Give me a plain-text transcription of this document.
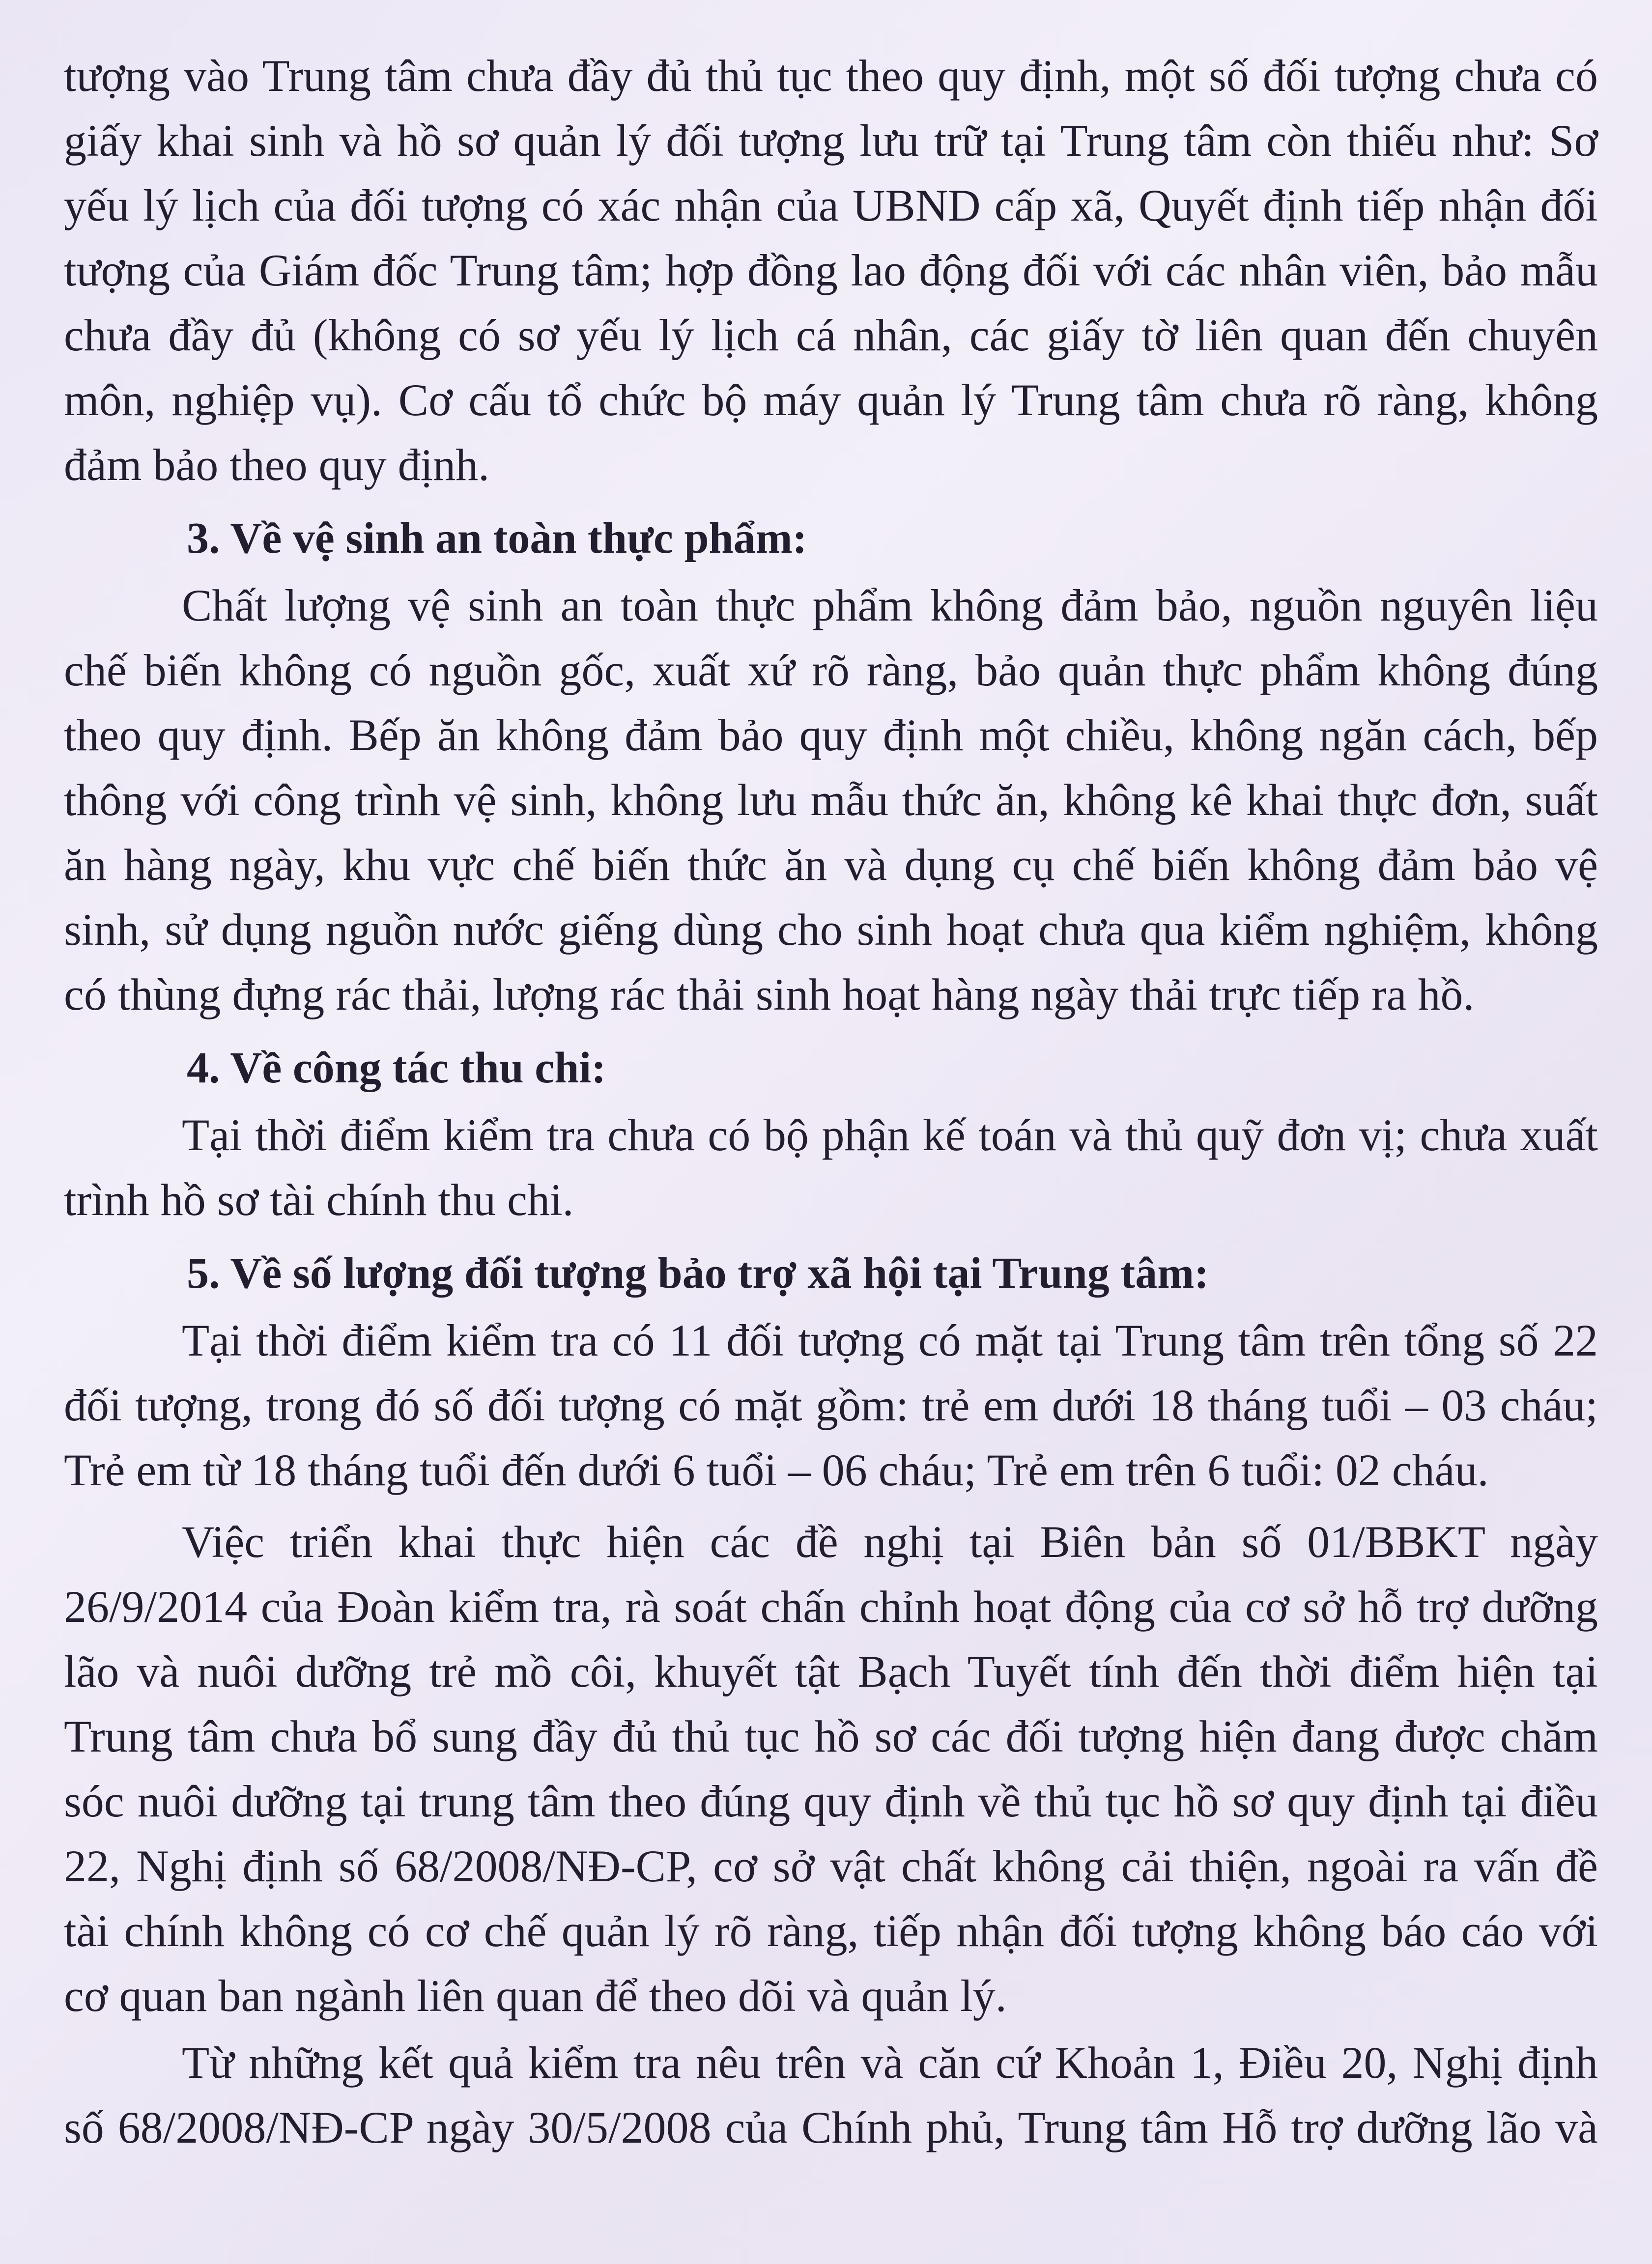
tượng vào Trung tâm chưa đầy đủ thủ tục theo quy định, một số đối tượng chưa có
giấy khai sinh và hồ sơ quản lý đối tượng lưu trữ tại Trung tâm còn thiếu như: Sơ
yếu lý lịch của đối tượng có xác nhận của UBND cấp xã, Quyết định tiếp nhận đối
tượng của Giám đốc Trung tâm; hợp đồng lao động đối với các nhân viên, bảo mẫu
chưa đầy đủ (không có sơ yếu lý lịch cá nhân, các giấy tờ liên quan đến chuyên
môn, nghiệp vụ). Cơ cấu tổ chức bộ máy quản lý Trung tâm chưa rõ ràng, không
đảm bảo theo quy định.
3. Về vệ sinh an toàn thực phẩm:
Chất lượng vệ sinh an toàn thực phẩm không đảm bảo, nguồn nguyên liệu
chế biến không có nguồn gốc, xuất xứ rõ ràng, bảo quản thực phẩm không đúng
theo quy định. Bếp ăn không đảm bảo quy định một chiều, không ngăn cách, bếp
thông với công trình vệ sinh, không lưu mẫu thức ăn, không kê khai thực đơn, suất
ăn hàng ngày, khu vực chế biến thức ăn và dụng cụ chế biến không đảm bảo vệ
sinh, sử dụng nguồn nước giếng dùng cho sinh hoạt chưa qua kiểm nghiệm, không
có thùng đựng rác thải, lượng rác thải sinh hoạt hàng ngày thải trực tiếp ra hồ.
4. Về công tác thu chi:
Tại thời điểm kiểm tra chưa có bộ phận kế toán và thủ quỹ đơn vị; chưa xuất
trình hồ sơ tài chính thu chi.
5. Về số lượng đối tượng bảo trợ xã hội tại Trung tâm:
Tại thời điểm kiểm tra có 11 đối tượng có mặt tại Trung tâm trên tổng số 22
đối tượng, trong đó số đối tượng có mặt gồm: trẻ em dưới 18 tháng tuổi – 03 cháu;
Trẻ em từ 18 tháng tuổi đến dưới 6 tuổi – 06 cháu; Trẻ em trên 6 tuổi: 02 cháu.
Việc triển khai thực hiện các đề nghị tại Biên bản số 01/BBKT ngày
26/9/2014 của Đoàn kiểm tra, rà soát chấn chỉnh hoạt động của cơ sở hỗ trợ dưỡng
lão và nuôi dưỡng trẻ mồ côi, khuyết tật Bạch Tuyết tính đến thời điểm hiện tại
Trung tâm chưa bổ sung đầy đủ thủ tục hồ sơ các đối tượng hiện đang được chăm
sóc nuôi dưỡng tại trung tâm theo đúng quy định về thủ tục hồ sơ quy định tại điều
22, Nghị định số 68/2008/NĐ-CP, cơ sở vật chất không cải thiện, ngoài ra vấn đề
tài chính không có cơ chế quản lý rõ ràng, tiếp nhận đối tượng không báo cáo với
cơ quan ban ngành liên quan để theo dõi và quản lý.
Từ những kết quả kiểm tra nêu trên và căn cứ Khoản 1, Điều 20, Nghị định
số 68/2008/NĐ-CP ngày 30/5/2008 của Chính phủ, Trung tâm Hỗ trợ dưỡng lão và
